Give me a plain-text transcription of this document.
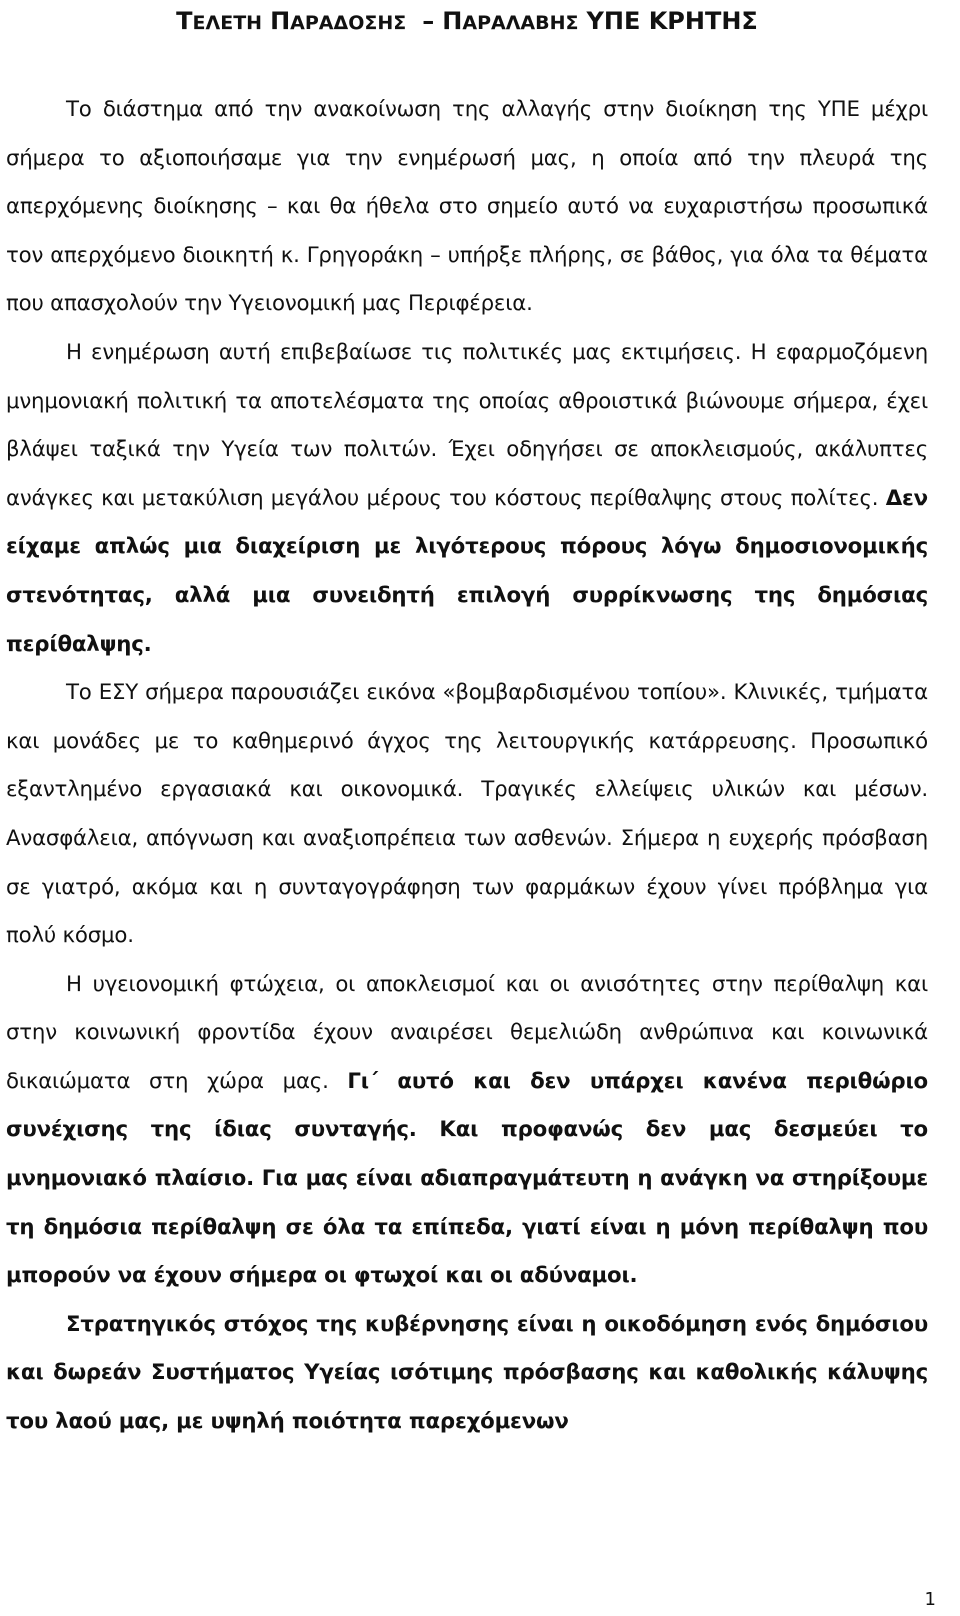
ΤΕΛΕΤΗ ΠΑΡΑΔΟΣΗΣ – ΠΑΡΑΛΑΒΗΣ ΥΠΕ ΚΡΗΤΗΣ

Το διάστημα από την ανακοίνωση της αλλαγής στην διοίκηση της ΥΠΕ μέχρι σήμερα το αξιοποιήσαμε για την ενημέρωσή μας, η οποία από την πλευρά της απερχόμενης διοίκησης – και θα ήθελα στο σημείο αυτό να ευχαριστήσω προσωπικά τον απερχόμενο διοικητή κ. Γρηγοράκη – υπήρξε πλήρης, σε βάθος, για όλα τα θέματα που απασχολούν την Υγειονομική μας Περιφέρεια.

Η ενημέρωση αυτή επιβεβαίωσε τις πολιτικές μας εκτιμήσεις. Η εφαρμοζόμενη μνημονιακή πολιτική τα αποτελέσματα της οποίας αθροιστικά βιώνουμε σήμερα, έχει βλάψει ταξικά την Υγεία των πολιτών. Έχει οδηγήσει σε αποκλεισμούς, ακάλυπτες ανάγκες και μετακύλιση μεγάλου μέρους του κόστους περίθαλψης στους πολίτες. Δεν είχαμε απλώς μια διαχείριση με λιγότερους πόρους λόγω δημοσιονομικής στενότητας, αλλά μια συνειδητή επιλογή συρρίκνωσης της δημόσιας περίθαλψης.

Το ΕΣΥ σήμερα παρουσιάζει εικόνα «βομβαρδισμένου τοπίου». Κλινικές, τμήματα και μονάδες με το καθημερινό άγχος της λειτουργικής κατάρρευσης. Προσωπικό εξαντλημένο εργασιακά και οικονομικά. Τραγικές ελλείψεις υλικών και μέσων. Ανασφάλεια, απόγνωση και αναξιοπρέπεια των ασθενών. Σήμερα η ευχερής πρόσβαση σε γιατρό, ακόμα και η συνταγογράφηση των φαρμάκων έχουν γίνει πρόβλημα για πολύ κόσμο.

Η υγειονομική φτώχεια, οι αποκλεισμοί και οι ανισότητες στην περίθαλψη και στην κοινωνική φροντίδα έχουν αναιρέσει θεμελιώδη ανθρώπινα και κοινωνικά δικαιώματα στη χώρα μας. Γι΄ αυτό και δεν υπάρχει κανένα περιθώριο συνέχισης της ίδιας συνταγής. Και προφανώς δεν μας δεσμεύει το μνημονιακό πλαίσιο. Για μας είναι αδιαπραγμάτευτη η ανάγκη να στηρίξουμε τη δημόσια περίθαλψη σε όλα τα επίπεδα, γιατί είναι η μόνη περίθαλψη που μπορούν να έχουν σήμερα οι φτωχοί και οι αδύναμοι.

Στρατηγικός στόχος της κυβέρνησης είναι η οικοδόμηση ενός δημόσιου και δωρεάν Συστήματος Υγείας ισότιμης πρόσβασης και καθολικής κάλυψης του λαού μας, με υψηλή ποιότητα παρεχόμενων

1
